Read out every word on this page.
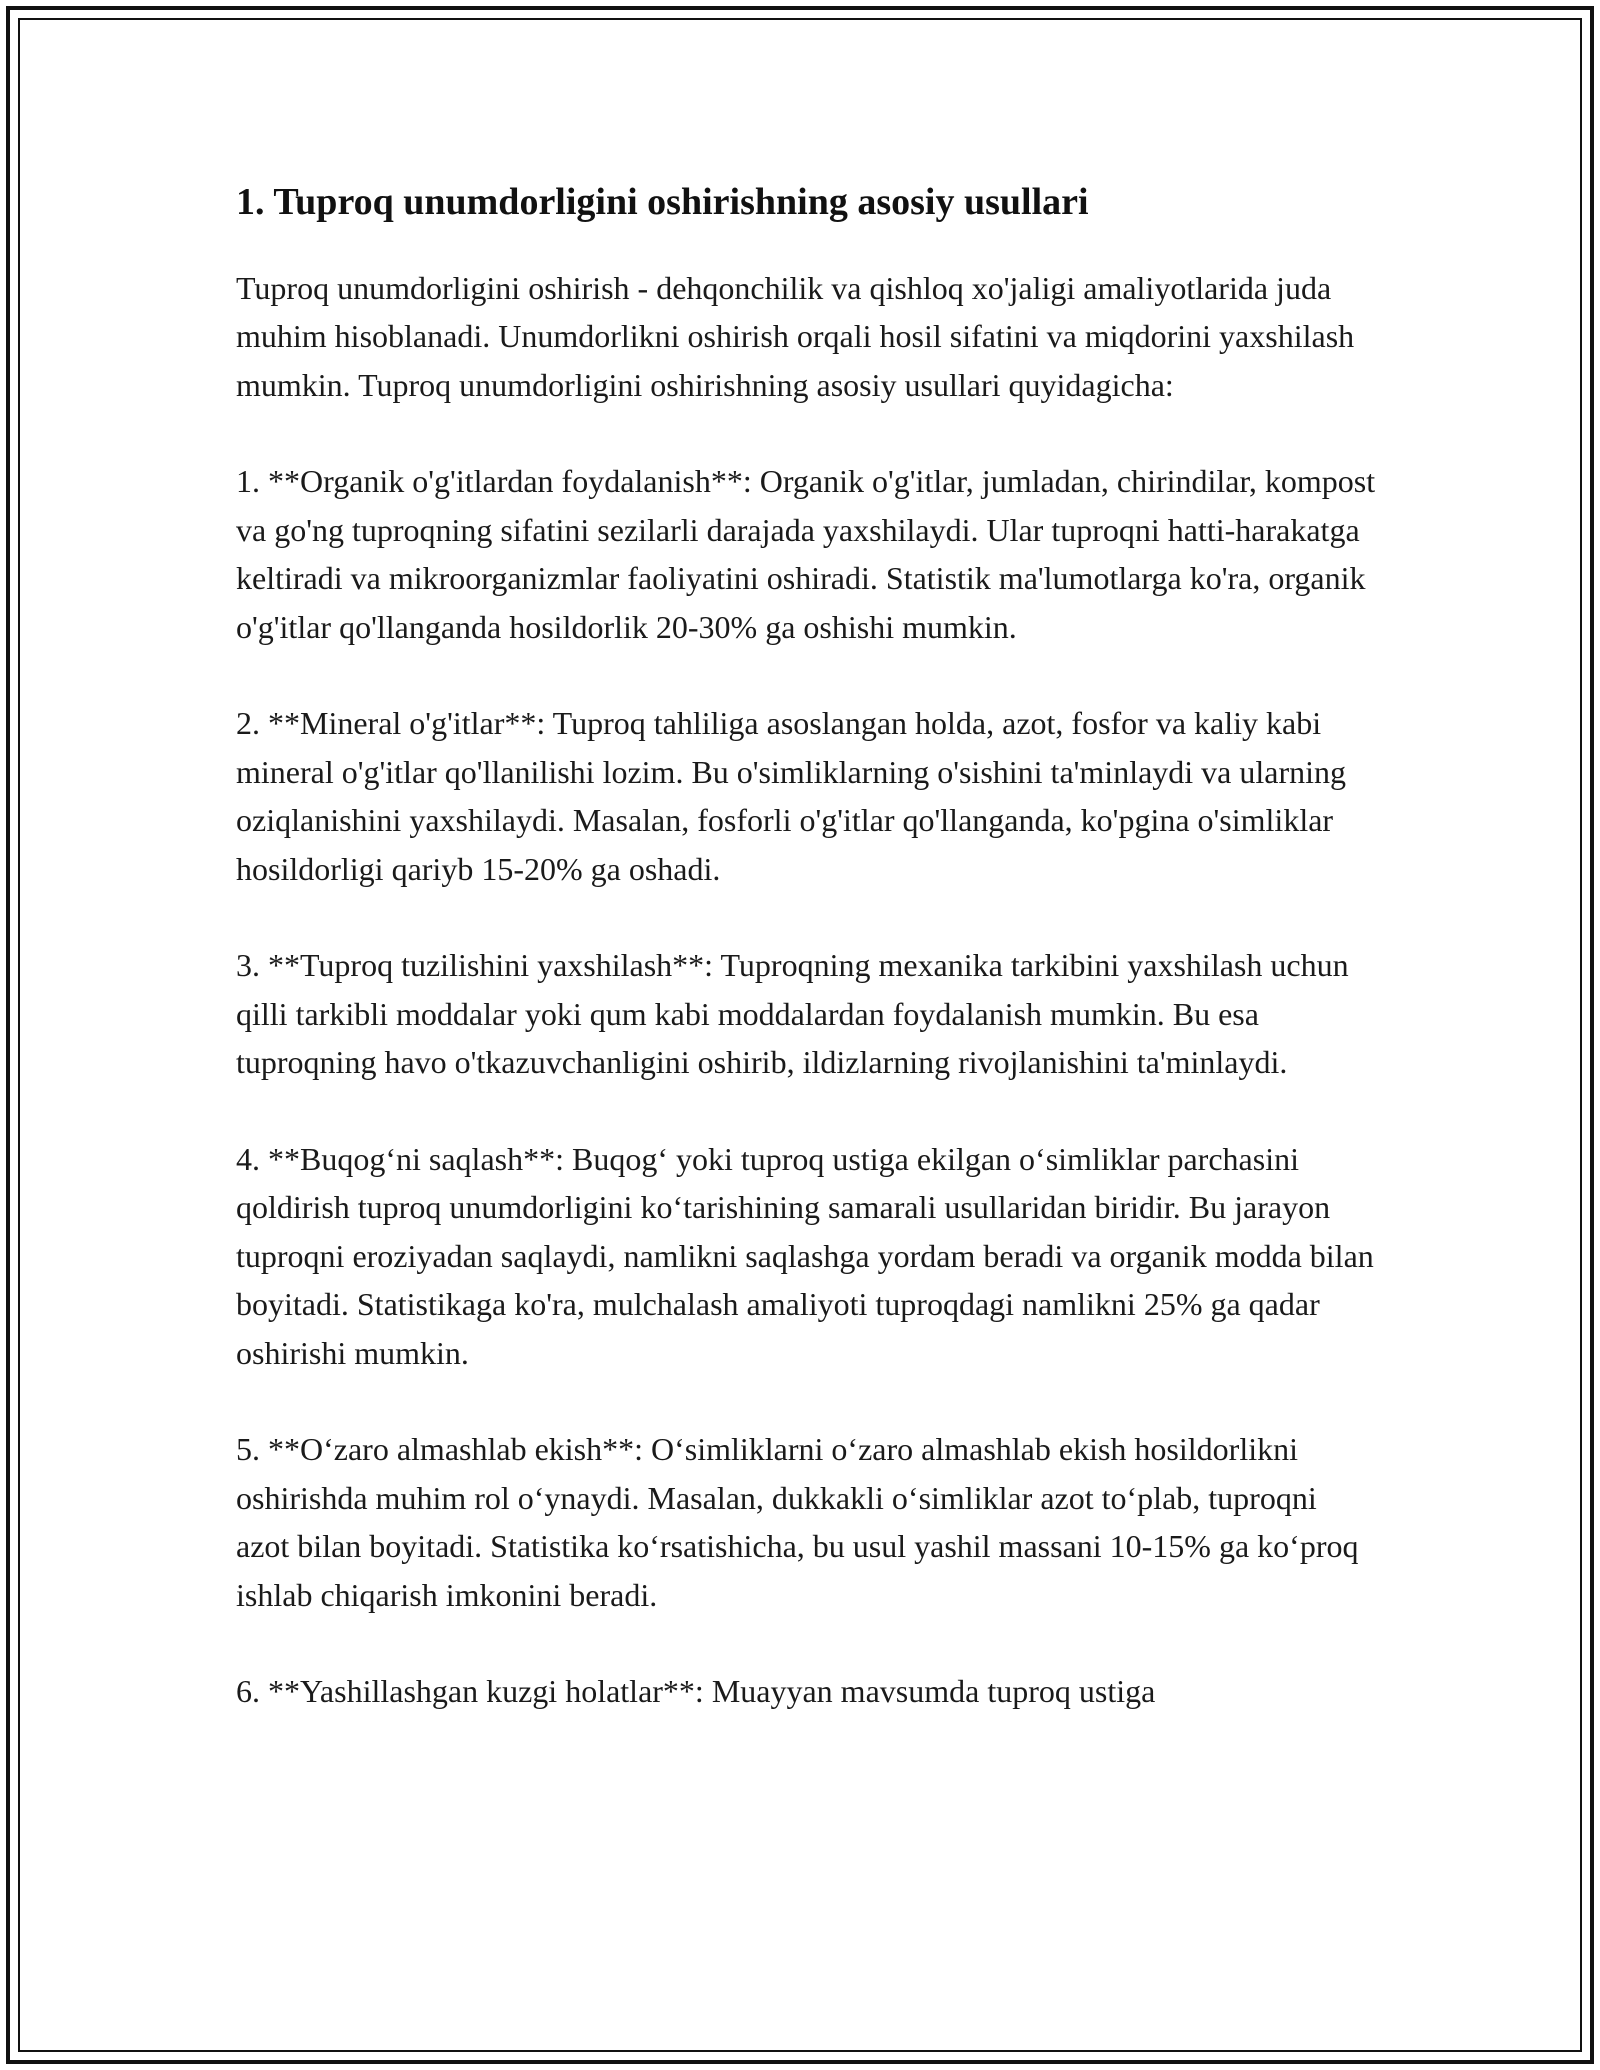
1. Tuproq unumdorligini oshirishning asosiy usullari

Tuproq unumdorligini oshirish - dehqonchilik va qishloq xo'jaligi amaliyotlarida juda muhim hisoblanadi. Unumdorlikni oshirish orqali hosil sifatini va miqdorini yaxshilash mumkin. Tuproq unumdorligini oshirishning asosiy usullari quyidagicha:

1. **Organik o'g'itlardan foydalanish**: Organik o'g'itlar, jumladan, chirindilar, kompost va go'ng tuproqning sifatini sezilarli darajada yaxshilaydi. Ular tuproqni hatti-harakatga keltiradi va mikroorganizmlar faoliyatini oshiradi. Statistik ma'lumotlarga ko'ra, organik o'g'itlar qo'llanganda hosildorlik 20-30% ga oshishi mumkin.

2. **Mineral o'g'itlar**: Tuproq tahliliga asoslangan holda, azot, fosfor va kaliy kabi mineral o'g'itlar qo'llanilishi lozim. Bu o'simliklarning o'sishini ta'minlaydi va ularning oziqlanishini yaxshilaydi. Masalan, fosforli o'g'itlar qo'llanganda, ko'pgina o'simliklar hosildorligi qariyb 15-20% ga oshadi.

3. **Tuproq tuzilishini yaxshilash**: Tuproqning mexanika tarkibini yaxshilash uchun qilli tarkibli moddalar yoki qum kabi moddalardan foydalanish mumkin. Bu esa tuproqning havo o'tkazuvchanligini oshirib, ildizlarning rivojlanishini ta'minlaydi.

4. **Buqog‘ni saqlash**: Buqog‘ yoki tuproq ustiga ekilgan o‘simliklar parchasini qoldirish tuproq unumdorligini ko‘tarishining samarali usullaridan biridir. Bu jarayon tuproqni eroziyadan saqlaydi, namlikni saqlashga yordam beradi va organik modda bilan boyitadi. Statistikaga ko'ra, mulchalash amaliyoti tuproqdagi namlikni 25% ga qadar oshirishi mumkin.

5. **O‘zaro almashlab ekish**: O‘simliklarni o‘zaro almashlab ekish hosildorlikni oshirishda muhim rol o‘ynaydi. Masalan, dukkakli o‘simliklar azot to‘plab, tuproqni azot bilan boyitadi. Statistika ko‘rsatishicha, bu usul yashil massani 10-15% ga ko‘proq ishlab chiqarish imkonini beradi.

6. **Yashillashgan kuzgi holatlar**: Muayyan mavsumda tuproq ustiga
